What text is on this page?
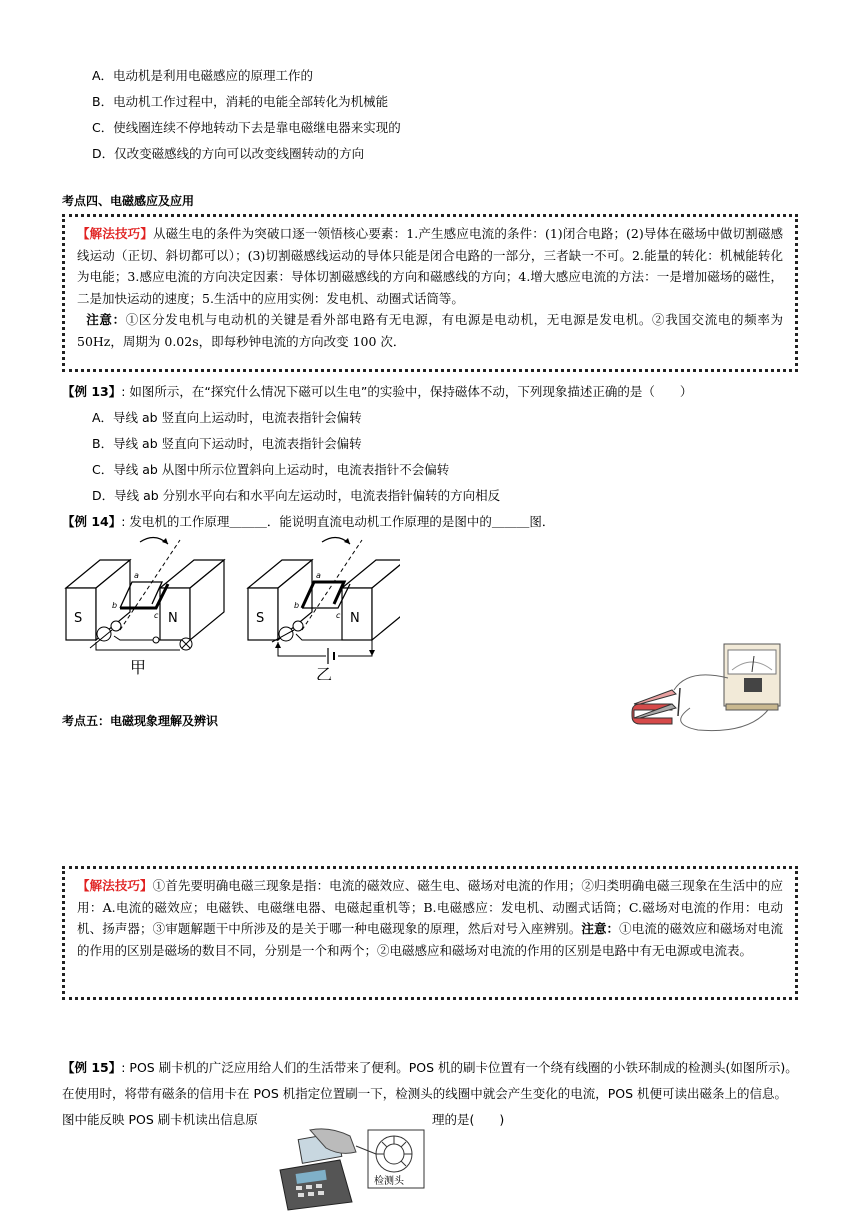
A．电动机是利用电磁感应的原理工作的
B．电动机工作过程中，消耗的电能全部转化为机械能
C．使线圈连续不停地转动下去是靠电磁继电器来实现的
D．仅改变磁感线的方向可以改变线圈转动的方向
考点四、电磁感应及应用
【解法技巧】从磁生电的条件为突破口逐一领悟核心要素：1.产生感应电流的条件：(1)闭合电路；(2)导体在磁场中做切割磁感线运动（正切、斜切都可以）；(3)切割磁感线运动的导体只能是闭合电路的一部分，三者缺一不可。2.能量的转化：机械能转化为电能；3.感应电流的方向决定因素：导体切割磁感线的方向和磁感线的方向；4.增大感应电流的方法：一是增加磁场的磁性，二是加快运动的速度；5.生活中的应用实例：发电机、动圈式话筒等。
注意：①区分发电机与电动机的关键是看外部电路有无电源，有电源是电动机，无电源是发电机。②我国交流电的频率为 50Hz，周期为 0.02s，即每秒钟电流的方向改变 100 次．
【例 13】: 如图所示，在“探究什么情况下磁可以生电”的实验中，保持磁体不动，下列现象描述正确的是（　　）
A．导线 ab 竖直向上运动时，电流表指针会偏转
B．导线 ab 竖直向下运动时，电流表指针会偏转
C．导线 ab 从图中所示位置斜向上运动时，电流表指针不会偏转
D．导线 ab 分别水平向右和水平向左运动时，电流表指针偏转的方向相反
【例 14】: 发电机的工作原理＿＿＿．能说明直流电动机工作原理的是图中的＿＿＿图．
S	N
a
b
c
甲
S	N
a
b
c
乙
考点五：电磁现象理解及辨识
【解法技巧】①首先要明确电磁三现象是指：电流的磁效应、磁生电、磁场对电流的作用；②归类明确电磁三现象在生活中的应用：A.电流的磁效应；电磁铁、电磁继电器、电磁起重机等；B.电磁感应：发电机、动圈式话筒；C.磁场对电流的作用：电动机、扬声器；③审题解题干中所涉及的是关于哪一种电磁现象的原理，然后对号入座辨别。注意：①电流的磁效应和磁场对电流的作用的区别是磁场的数目不同，分别是一个和两个；②电磁感应和磁场对电流的作用的区别是电路中有无电源或电流表。
【例 15】: POS 刷卡机的广泛应用给人们的生活带来了便利。POS 机的刷卡位置有一个绕有线圈的小铁环制成的检测头(如图所示)。
在使用时，将带有磁条的信用卡在 POS 机指定位置刷一下，检测头的线圈中就会产生变化的电流，POS 机便可读出磁条上的信息。
图中能反映 POS 刷卡机读出信息原	理的是(　　)
检测头
